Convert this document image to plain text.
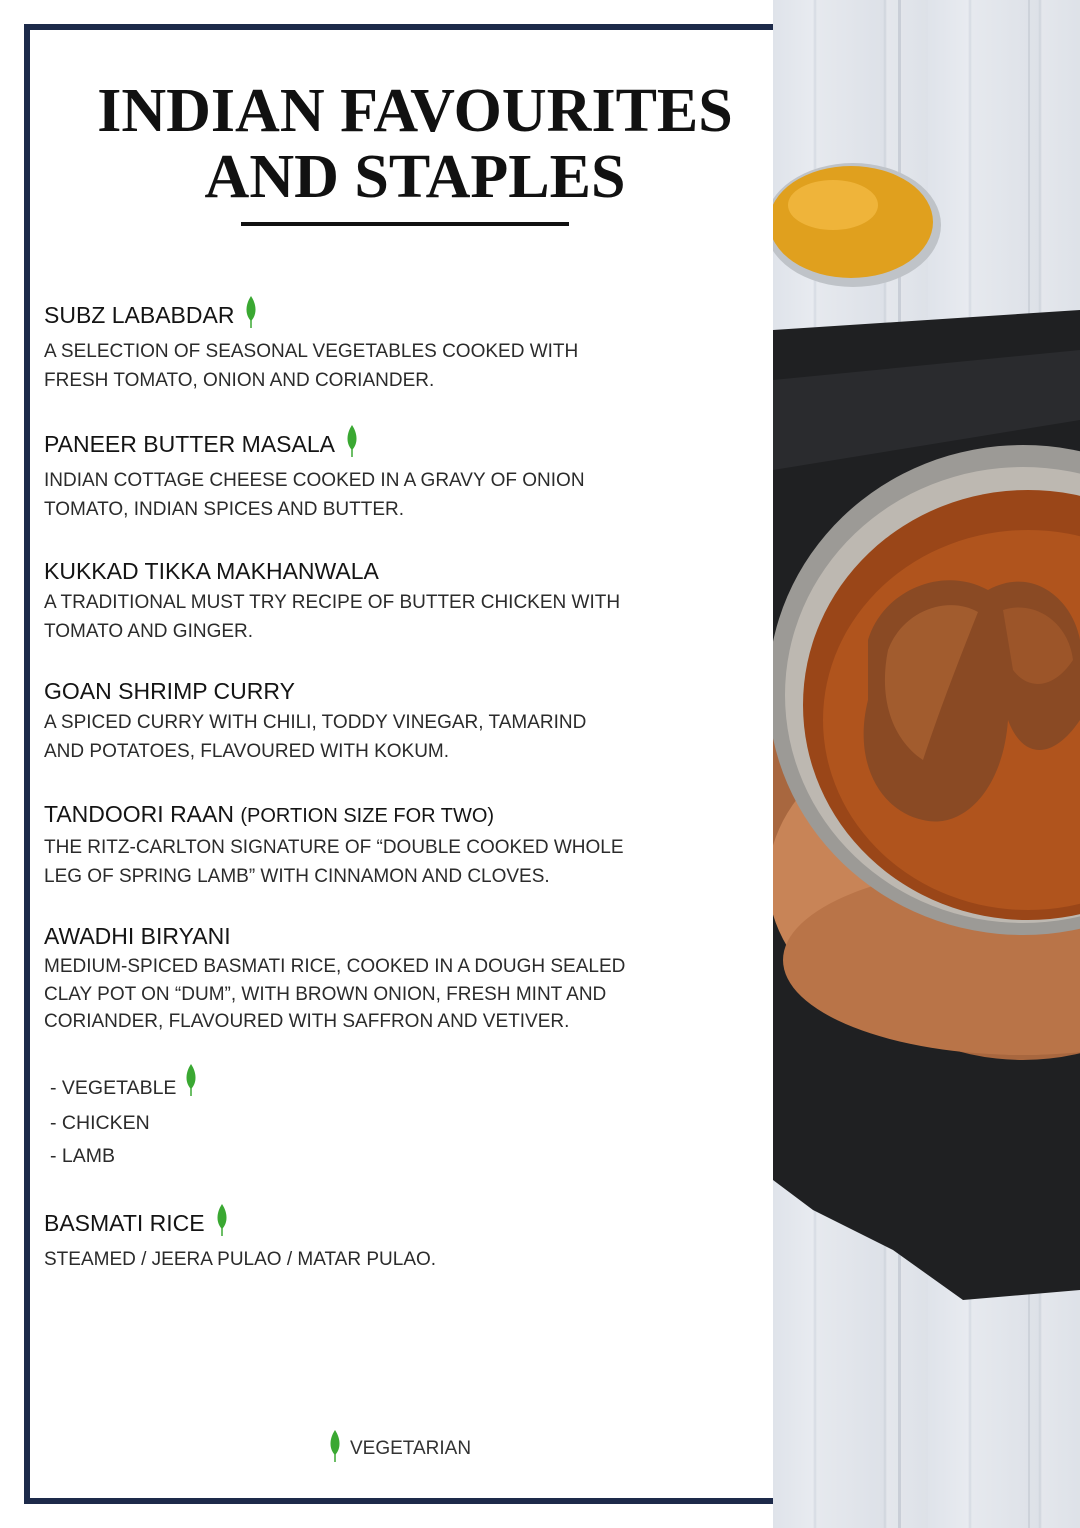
INDIAN FAVOURITES
AND STAPLES
SUBZ LABABDAR
A SELECTION OF SEASONAL VEGETABLES COOKED WITH
FRESH TOMATO, ONION AND CORIANDER.
PANEER BUTTER MASALA
INDIAN COTTAGE CHEESE COOKED IN A GRAVY OF ONION
TOMATO, INDIAN SPICES AND BUTTER.
KUKKAD TIKKA MAKHANWALA
A TRADITIONAL MUST TRY RECIPE OF BUTTER CHICKEN WITH
TOMATO AND GINGER.
GOAN SHRIMP CURRY
A SPICED CURRY WITH CHILI, TODDY VINEGAR, TAMARIND
AND POTATOES, FLAVOURED WITH KOKUM.
TANDOORI RAAN (PORTION SIZE FOR TWO)
THE RITZ-CARLTON SIGNATURE OF “DOUBLE COOKED WHOLE
LEG OF SPRING LAMB” WITH CINNAMON AND CLOVES.
AWADHI BIRYANI
MEDIUM-SPICED BASMATI RICE, COOKED IN A DOUGH SEALED
CLAY POT ON “DUM”, WITH BROWN ONION, FRESH MINT AND
CORIANDER, FLAVOURED WITH SAFFRON AND VETIVER.
- VEGETABLE
- CHICKEN
- LAMB
BASMATI RICE
STEAMED / JEERA PULAO / MATAR PULAO.
VEGETARIAN
